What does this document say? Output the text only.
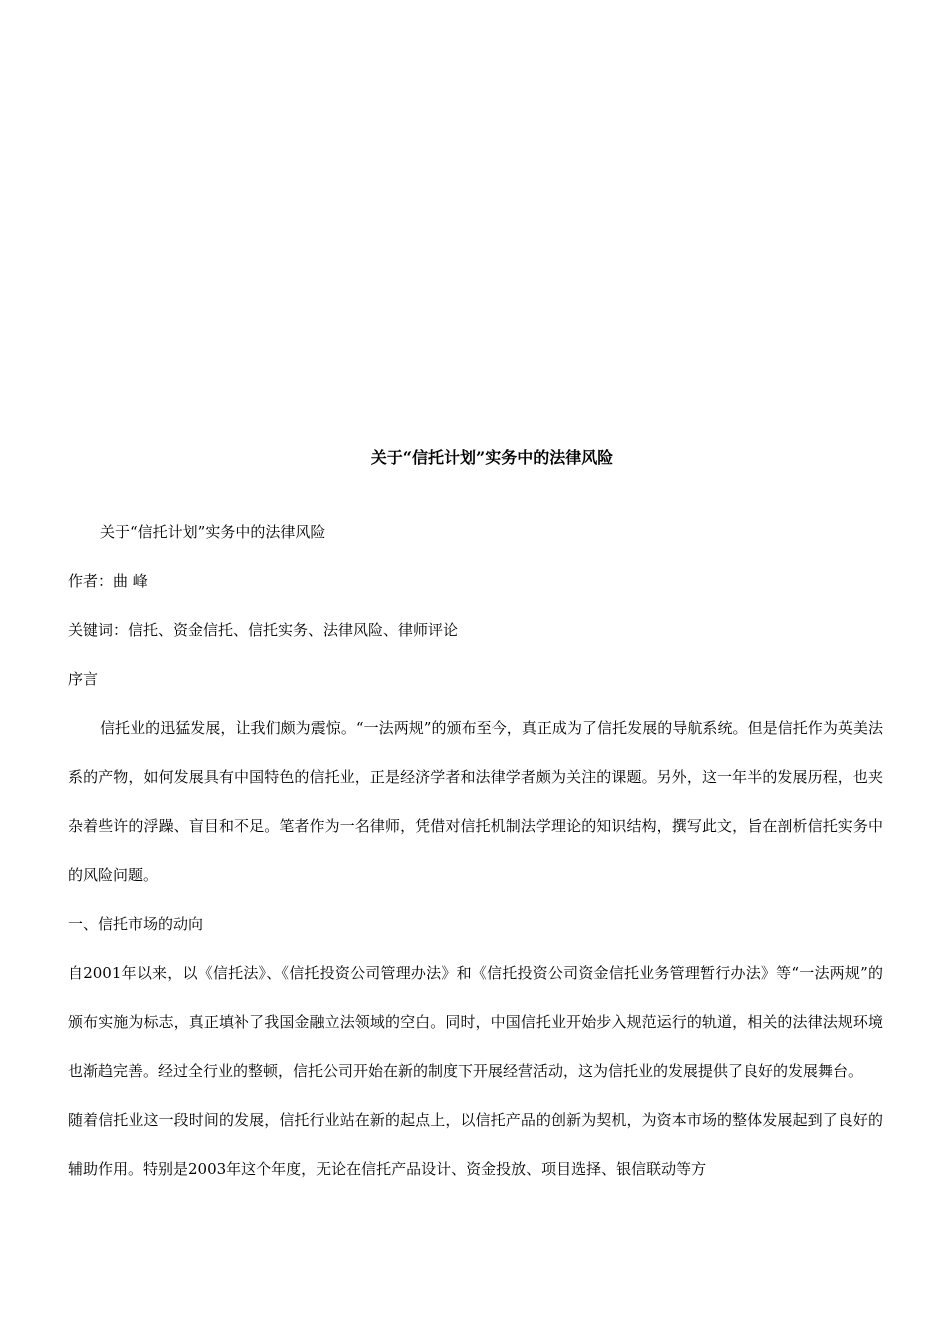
关于“信托计划”实务中的法律风险

关于“信托计划”实务中的法律风险

作者：曲 峰

关键词：信托、资金信托、信托实务、法律风险、律师评论

序言

信托业的迅猛发展，让我们颇为震惊。“一法两规”的颁布至今，真正成为了信托发展的导航系统。但是信托作为英美法系的产物，如何发展具有中国特色的信托业，正是经济学者和法律学者颇为关注的课题。另外，这一年半的发展历程，也夹杂着些许的浮躁、盲目和不足。笔者作为一名律师，凭借对信托机制法学理论的知识结构，撰写此文，旨在剖析信托实务中的风险问题。

一、信托市场的动向

自2001年以来，以《信托法》、《信托投资公司管理办法》和《信托投资公司资金信托业务管理暂行办法》等“一法两规”的颁布实施为标志，真正填补了我国金融立法领域的空白。同时，中国信托业开始步入规范运行的轨道，相关的法律法规环境也渐趋完善。经过全行业的整顿，信托公司开始在新的制度下开展经营活动，这为信托业的发展提供了良好的发展舞台。

随着信托业这一段时间的发展，信托行业站在新的起点上，以信托产品的创新为契机，为资本市场的整体发展起到了良好的辅助作用。特别是2003年这个年度，无论在信托产品设计、资金投放、项目选择、银信联动等方
